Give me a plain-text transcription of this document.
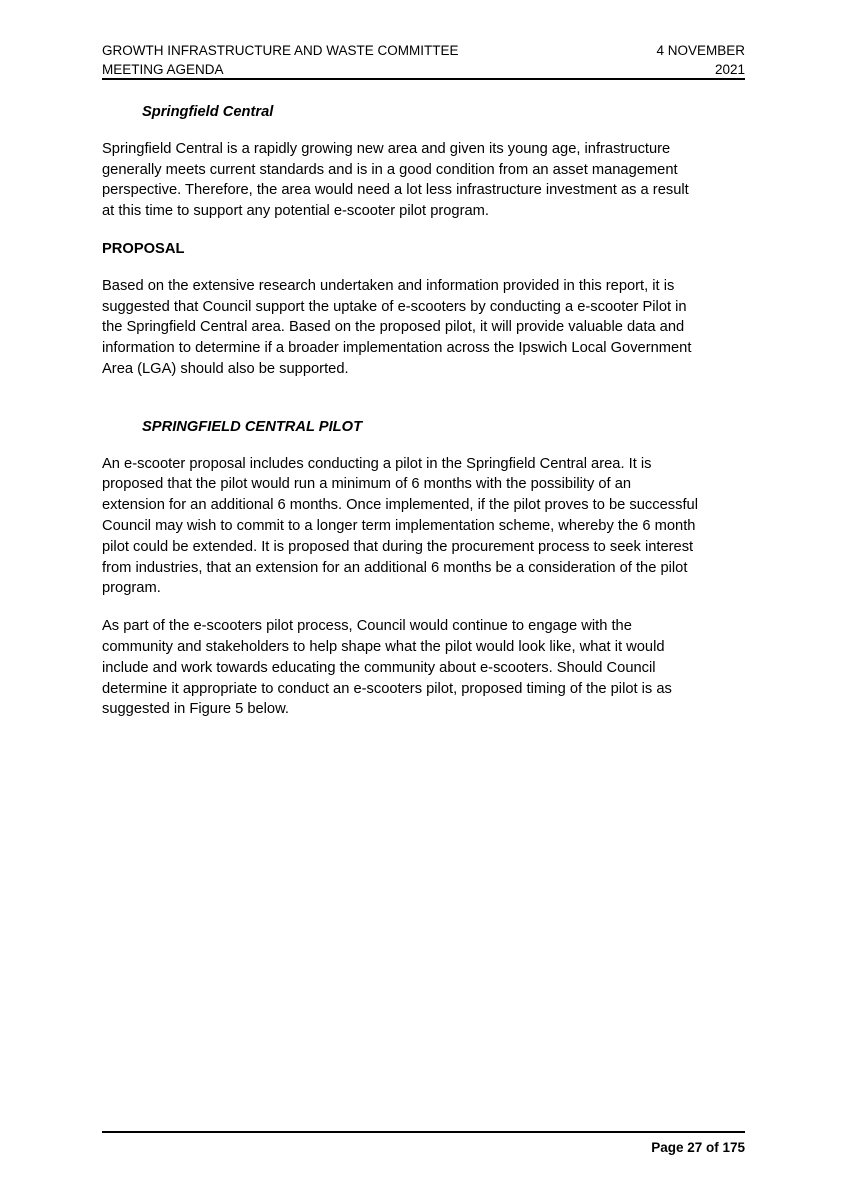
GROWTH INFRASTRUCTURE AND WASTE COMMITTEE
MEETING AGENDA
4 NOVEMBER
2021
Springfield Central

Springfield Central is a rapidly growing new area and given its young age, infrastructure
generally meets current standards and is in a good condition from an asset management
perspective. Therefore, the area would need a lot less infrastructure investment as a result
at this time to support any potential e-scooter pilot program.

PROPOSAL

Based on the extensive research undertaken and information provided in this report, it is
suggested that Council support the uptake of e-scooters by conducting a e-scooter Pilot in
the Springfield Central area. Based on the proposed pilot, it will provide valuable data and
information to determine if a broader implementation across the Ipswich Local Government
Area (LGA) should also be supported.

SPRINGFIELD CENTRAL PILOT

An e-scooter proposal includes conducting a pilot in the Springfield Central area. It is
proposed that the pilot would run a minimum of 6 months with the possibility of an
extension for an additional 6 months. Once implemented, if the pilot proves to be successful
Council may wish to commit to a longer term implementation scheme, whereby the 6 month
pilot could be extended. It is proposed that during the procurement process to seek interest
from industries, that an extension for an additional 6 months be a consideration of the pilot
program.

As part of the e-scooters pilot process, Council would continue to engage with the
community and stakeholders to help shape what the pilot would look like, what it would
include and work towards educating the community about e-scooters. Should Council
determine it appropriate to conduct an e-scooters pilot, proposed timing of the pilot is as
suggested in Figure 5 below.

Page 27 of 175
